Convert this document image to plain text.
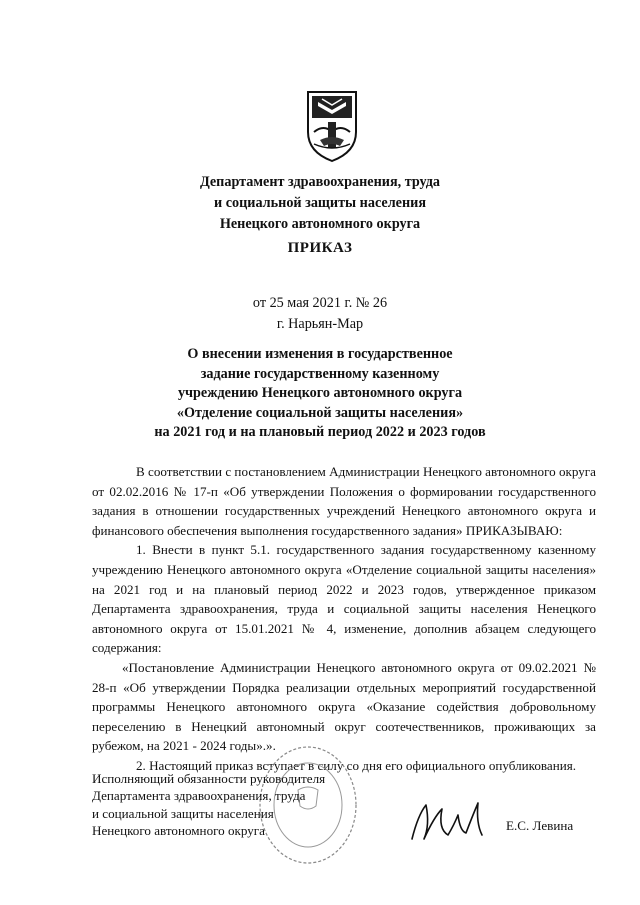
Департамент здравоохранения, труда
и социальной защиты населения
Ненецкого автономного округа
ПРИКАЗ
от 25 мая 2021 г. № 26
г. Нарьян-Мар
О внесении изменения в государственное
задание государственному казенному
учреждению Ненецкого автономного округа
«Отделение социальной защиты населения»
на 2021 год и на плановый период 2022 и 2023 годов

В соответствии с постановлением Администрации Ненецкого автономного округа от 02.02.2016 № 17-п «Об утверждении Положения о формировании государственного задания в отношении государственных учреждений Ненецкого автономного округа и финансового обеспечения выполнения государственного задания» ПРИКАЗЫВАЮ:

1. Внести в пункт 5.1. государственного задания государственному казенному учреждению Ненецкого автономного округа «Отделение социальной защиты населения» на 2021 год и на плановый период 2022 и 2023 годов, утвержденное приказом Департамента здравоохранения, труда и социальной защиты населения Ненецкого автономного округа от 15.01.2021 № 4, изменение, дополнив абзацем следующего содержания:

«Постановление Администрации Ненецкого автономного округа от 09.02.2021 № 28-п «Об утверждении Порядка реализации отдельных мероприятий государственной программы Ненецкого автономного округа «Оказание содействия добровольному переселению в Ненецкий автономный округ соотечественников, проживающих за рубежом, на 2021 - 2024 годы».».

2. Настоящий приказ вступает в силу со дня его официального опубликования.

Исполняющий обязанности руководителя
Департамента здравоохранения, труда
и социальной защиты населения
Ненецкого автономного округа	Е.С. Левина
